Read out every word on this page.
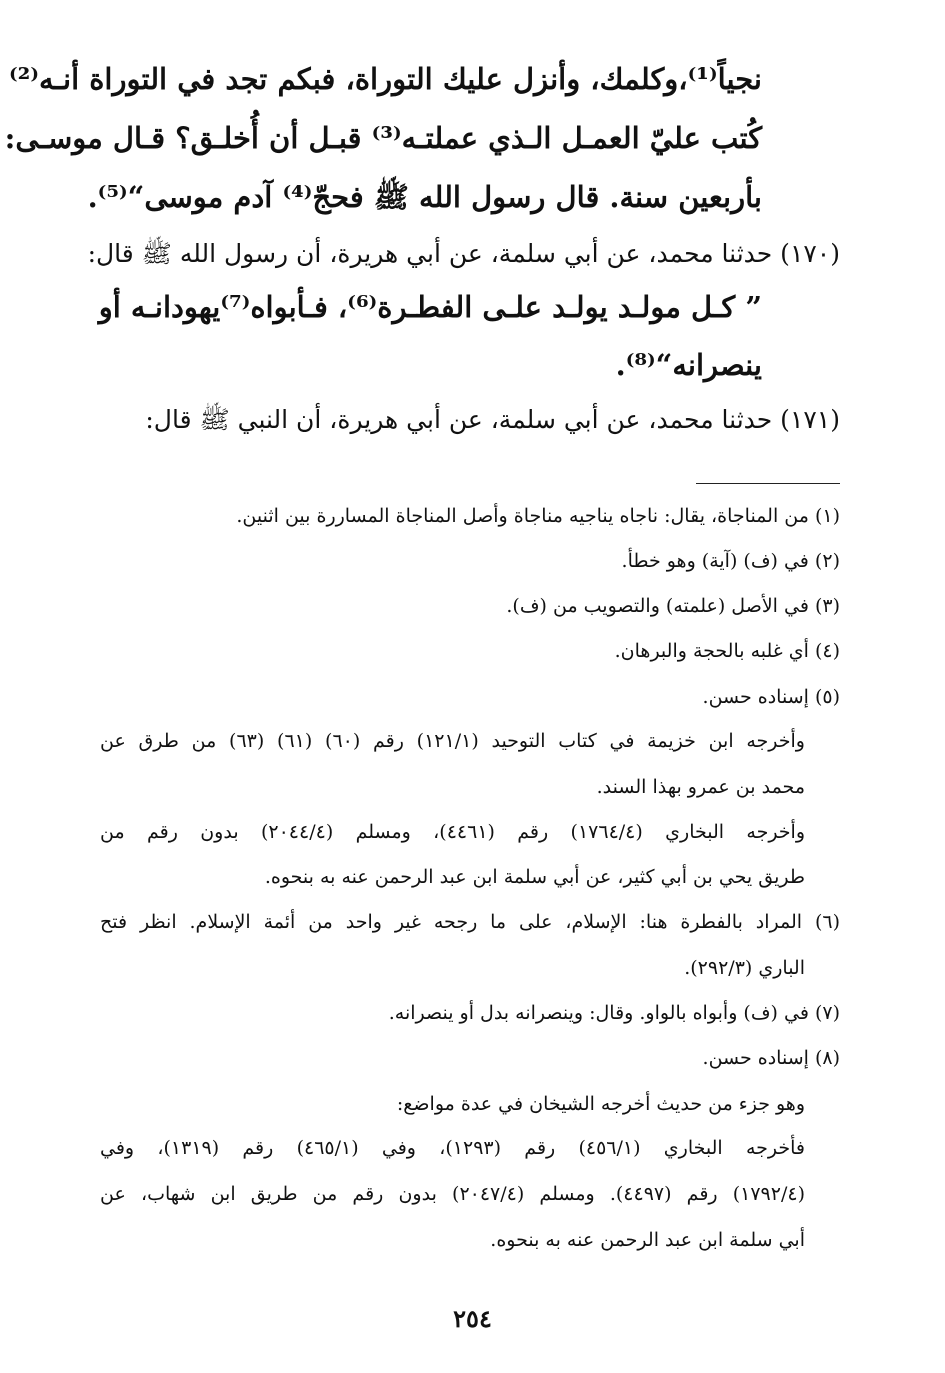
نجياً⁽¹⁾،وكلمك، وأنزل عليك التوراة، فبكم تجد في التوراة أنـه⁽²⁾
كُتب عليّ العمـل الـذي عملتـه⁽³⁾ قبـل أن أُخلـق؟ قـال موسـى:
بأربعين سنة. قال رسول الله ﷺ فحجّ⁽⁴⁾ آدم موسى“⁽⁵⁾.
(١٧٠) حدثنا محمد، عن أبي سلمة، عن أبي هريرة، أن رسول الله ﷺ قال:
” كـل مولـد يولـد علـى الفطـرة⁽⁶⁾، فـأبواه⁽⁷⁾يهودانـه أو
ينصرانه“⁽⁸⁾.
(١٧١) حدثنا محمد، عن أبي سلمة، عن أبي هريرة، أن النبي ﷺ قال:
(١) من المناجاة، يقال: ناجاه يناجيه مناجاة وأصل المناجاة المساررة بين اثنين.
(٢) في (ف) (آية) وهو خطأ.
(٣) في الأصل (علمته) والتصويب من (ف).
(٤) أي غلبه بالحجة والبرهان.
(٥) إسناده حسن.
وأخرجه ابن خزيمة في كتاب التوحيد (١٢١/١) رقم (٦٠) (٦١) (٦٣) من طرق عن
محمد بن عمرو بهذا السند.
وأخرجه البخاري (١٧٦٤/٤) رقم (٤٤٦١)، ومسلم (٢٠٤٤/٤) بدون رقم من
طريق يحي بن أبي كثير، عن أبي سلمة ابن عبد الرحمن عنه به بنحوه.
(٦) المراد بالفطرة هنا: الإسلام، على ما رجحه غير واحد من أئمة الإسلام. انظر فتح
الباري (٢٩٢/٣).
(٧) في (ف) وأبواه بالواو. وقال: وينصرانه بدل أو ينصرانه.
(٨) إسناده حسن.
وهو جزء من حديث أخرجه الشيخان في عدة مواضع:
فأخرجه البخاري (٤٥٦/١) رقم (١٢٩٣)، وفي (٤٦٥/١) رقم (١٣١٩)، وفي
(١٧٩٢/٤) رقم (٤٤٩٧). ومسلم (٢٠٤٧/٤) بدون رقم من طريق ابن شهاب، عن
أبي سلمة ابن عبد الرحمن عنه به بنحوه.
٢٥٤
